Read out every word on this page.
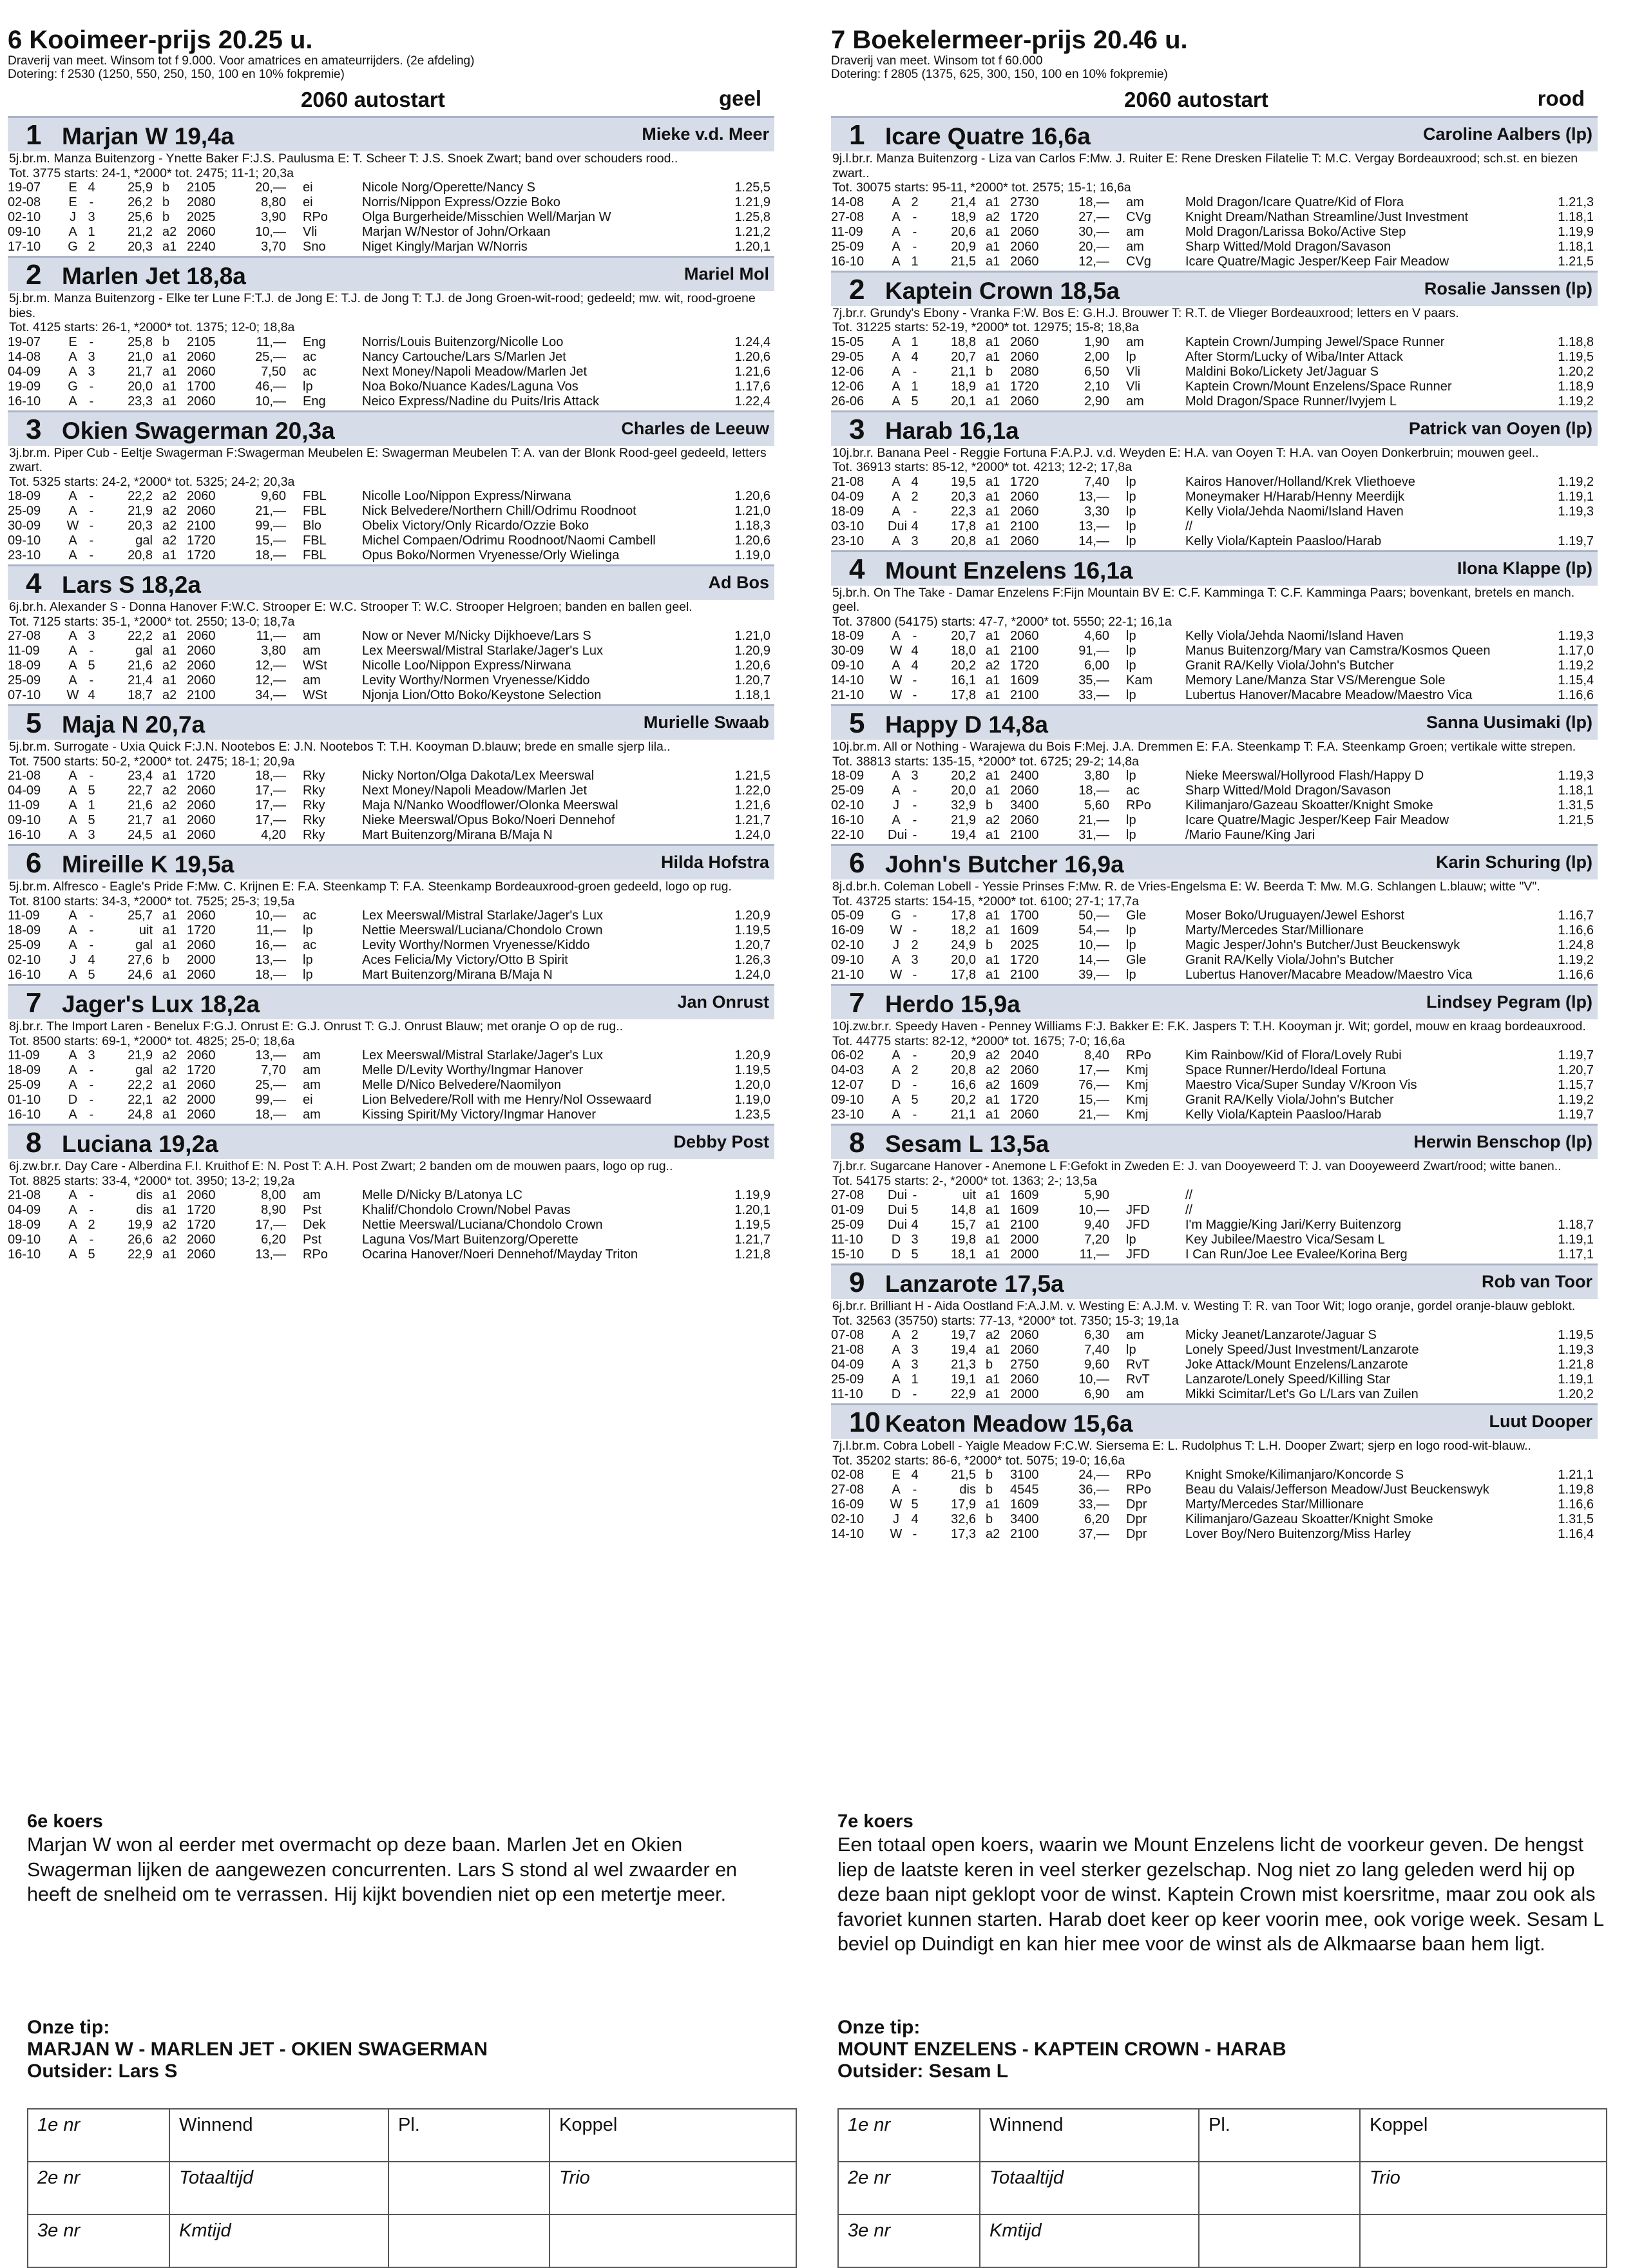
6 Kooimeer-prijs 20.25 u.
Draverij van meet. Winsom tot f 9.000. Voor amatrices en amateurrijders. (2e afdeling)
Dotering: f 2530 (1250, 550, 250, 150, 100 en 10% fokpremie)
2060 autostart	geel
1 Marjan W 19,4a	Mieke v.d. Meer
5j.br.m. Manza Buitenzorg - Ynette Baker F:J.S. Paulusma E: T. Scheer T: J.S. Snoek Zwart; band over schouders rood..
Tot. 3775 starts: 24-1, *2000* tot. 2475; 11-1; 20,3a
19-07	E 4	25,9 b 2105	20,— ei	Nicole Norg/Operette/Nancy S	1.25,5
02-08	E -	26,2 b 2080	8,80 ei	Norris/Nippon Express/Ozzie Boko	1.21,9
02-10	J 3	25,6 b 2025	3,90 RPo	Olga Burgerheide/Misschien Well/Marjan W	1.25,8
09-10	A 1	21,2 a2 2060	10,— Vli	Marjan W/Nestor of John/Orkaan	1.21,2
17-10 G 2	20,3 a1 2240	3,70 Sno	Niget Kingly/Marjan W/Norris	1.20,1
2 Marlen Jet 18,8a	Mariel Mol
5j.br.m. Manza Buitenzorg - Elke ter Lune F:T.J. de Jong E: T.J. de Jong T: T.J. de Jong Groen-wit-rood; gedeeld; mw. wit, rood-groene bies.
Tot. 4125 starts: 26-1, *2000* tot. 1375; 12-0; 18,8a
19-07	E -	25,8 b 2105	11,— Eng	Norris/Louis Buitenzorg/Nicolle Loo	1.24,4
14-08	A 3	21,0 a1 2060	25,— ac	Nancy Cartouche/Lars S/Marlen Jet	1.20,6
04-09	A 3	21,7 a1 2060	7,50 ac	Next Money/Napoli Meadow/Marlen Jet	1.21,6
19-09 G -	20,0 a1 1700	46,— lp	Noa Boko/Nuance Kades/Laguna Vos	1.17,6
16-10	A -	23,3 a1 2060	10,— Eng	Neico Express/Nadine du Puits/Iris Attack	1.22,4
3 Okien Swagerman 20,3a	Charles de Leeuw
3j.br.m. Piper Cub - Eeltje Swagerman F:Swagerman Meubelen E: Swagerman Meubelen T: A. van der Blonk Rood-geel gedeeld, letters zwart.
Tot. 5325 starts: 24-2, *2000* tot. 5325; 24-2; 20,3a
18-09	A -	22,2 a2 2060	9,60 FBL	Nicolle Loo/Nippon Express/Nirwana	1.20,6
25-09	A -	21,9 a2 2060	21,— FBL	Nick Belvedere/Northern Chill/Odrimu Roodnoot	1.21,0
30-09 W -	20,3 a2 2100	99,— Blo	Obelix Victory/Only Ricardo/Ozzie Boko	1.18,3
09-10	A -	gal a2 1720	15,— FBL	Michel Compaen/Odrimu Roodnoot/Naomi Cambell	1.20,6
23-10	A -	20,8 a1 1720	18,— FBL	Opus Boko/Normen Vryenesse/Orly Wielinga	1.19,0
4 Lars S 18,2a	Ad Bos
6j.br.h. Alexander S - Donna Hanover F:W.C. Strooper E: W.C. Strooper T: W.C. Strooper Helgroen; banden en ballen geel.
Tot. 7125 starts: 35-1, *2000* tot. 2550; 13-0; 18,7a
27-08	A 3	22,2 a1 2060	11,— am	Now or Never M/Nicky Dijkhoeve/Lars S	1.21,0
11-09	A -	gal a1 2060	3,80 am	Lex Meerswal/Mistral Starlake/Jager's Lux	1.20,9
18-09	A 5	21,6 a2 2060	12,— WSt	Nicolle Loo/Nippon Express/Nirwana	1.20,6
25-09	A -	21,4 a1 2060	12,— am	Levity Worthy/Normen Vryenesse/Kiddo	1.20,7
07-10 W 4	18,7 a2 2100	34,— WSt	Njonja Lion/Otto Boko/Keystone Selection	1.18,1
5 Maja N 20,7a	Murielle Swaab
5j.br.m. Surrogate - Uxia Quick F:J.N. Nootebos E: J.N. Nootebos T: T.H. Kooyman D.blauw; brede en smalle sjerp lila..
Tot. 7500 starts: 50-2, *2000* tot. 2475; 18-1; 20,9a
21-08	A -	23,4 a1 1720	18,— Rky	Nicky Norton/Olga Dakota/Lex Meerswal	1.21,5
04-09	A 5	22,7 a2 2060	17,— Rky	Next Money/Napoli Meadow/Marlen Jet	1.22,0
11-09	A 1	21,6 a2 2060	17,— Rky	Maja N/Nanko Woodflower/Olonka Meerswal	1.21,6
09-10	A 5	21,7 a1 2060	17,— Rky	Nieke Meerswal/Opus Boko/Noeri Dennehof	1.21,7
16-10	A 3	24,5 a1 2060	4,20 Rky	Mart Buitenzorg/Mirana B/Maja N	1.24,0
6 Mireille K 19,5a	Hilda Hofstra
5j.br.m. Alfresco - Eagle's Pride F:Mw. C. Krijnen E: F.A. Steenkamp T: F.A. Steenkamp Bordeauxrood-groen gedeeld, logo op rug.
Tot. 8100 starts: 34-3, *2000* tot. 7525; 25-3; 19,5a
11-09	A -	25,7 a1 2060	10,— ac	Lex Meerswal/Mistral Starlake/Jager's Lux	1.20,9
18-09	A -	uit a1 1720	11,— lp	Nettie Meerswal/Luciana/Chondolo Crown	1.19,5
25-09	A -	gal a1 2060	16,— ac	Levity Worthy/Normen Vryenesse/Kiddo	1.20,7
02-10	J 4	27,6 b 2000	13,— lp	Aces Felicia/My Victory/Otto B Spirit	1.26,3
16-10	A 5	24,6 a1 2060	18,— lp	Mart Buitenzorg/Mirana B/Maja N	1.24,0
7 Jager's Lux 18,2a	Jan Onrust
8j.br.r. The Import Laren - Benelux F:G.J. Onrust E: G.J. Onrust T: G.J. Onrust Blauw; met oranje O op de rug..
Tot. 8500 starts: 69-1, *2000* tot. 4825; 25-0; 18,6a
11-09	A 3	21,9 a2 2060	13,— am	Lex Meerswal/Mistral Starlake/Jager's Lux	1.20,9
18-09	A -	gal a2 1720	7,70 am	Melle D/Levity Worthy/Ingmar Hanover	1.19,5
25-09	A -	22,2 a1 2060	25,— am	Melle D/Nico Belvedere/Naomilyon	1.20,0
01-10 D -	22,1 a2 2000	99,— ei	Lion Belvedere/Roll with me Henry/Nol Ossewaard	1.19,0
16-10	A -	24,8 a1 2060	18,— am	Kissing Spirit/My Victory/Ingmar Hanover	1.23,5
8 Luciana 19,2a	Debby Post
6j.zw.br.r. Day Care - Alberdina F.I. Kruithof E: N. Post T: A.H. Post Zwart; 2 banden om de mouwen paars, logo op rug..
Tot. 8825 starts: 33-4, *2000* tot. 3950; 13-2; 19,2a
21-08	A -	dis a1 2060	8,00 am	Melle D/Nicky B/Latonya LC	1.19,9
04-09	A -	dis a1 1720	8,90 Pst	Khalif/Chondolo Crown/Nobel Pavas	1.20,1
18-09	A 2	19,9 a2 1720	17,— Dek	Nettie Meerswal/Luciana/Chondolo Crown	1.19,5
09-10	A -	26,6 a2 2060	6,20 Pst	Laguna Vos/Mart Buitenzorg/Operette	1.21,7
16-10	A 5	22,9 a1 2060	13,— RPo	Ocarina Hanover/Noeri Dennehof/Mayday Triton	1.21,8
7 Boekelermeer-prijs 20.46 u.
Draverij van meet. Winsom tot f 60.000
Dotering: f 2805 (1375, 625, 300, 150, 100 en 10% fokpremie)
2060 autostart	rood
1 Icare Quatre 16,6a	Caroline Aalbers (lp)
9j.l.br.r. Manza Buitenzorg - Liza van Carlos F:Mw. J. Ruiter E: Rene Dresken Filatelie T: M.C. Vergay Bordeauxrood; sch.st. en biezen zwart..
Tot. 30075 starts: 95-11, *2000* tot. 2575; 15-1; 16,6a
14-08	A 2	21,4 a1 2730	18,— am	Mold Dragon/Icare Quatre/Kid of Flora	1.21,3
27-08	A -	18,9 a2 1720	27,— CVg	Knight Dream/Nathan Streamline/Just Investment	1.18,1
11-09	A -	20,6 a1 2060	30,— am	Mold Dragon/Larissa Boko/Active Step	1.19,9
25-09	A -	20,9 a1 2060	20,— am	Sharp Witted/Mold Dragon/Savason	1.18,1
16-10	A 1	21,5 a1 2060	12,— CVg	Icare Quatre/Magic Jesper/Keep Fair Meadow	1.21,5
2 Kaptein Crown 18,5a	Rosalie Janssen (lp)
7j.br.r. Grundy's Ebony - Vranka F:W. Bos E: G.H.J. Brouwer T: R.T. de Vlieger Bordeauxrood; letters en V paars.
Tot. 31225 starts: 52-19, *2000* tot. 12975; 15-8; 18,8a
15-05	A 1	18,8 a1 2060	1,90 am	Kaptein Crown/Jumping Jewel/Space Runner	1.18,8
29-05	A 4	20,7 a1 2060	2,00 lp	After Storm/Lucky of Wiba/Inter Attack	1.19,5
12-06	A -	21,1 b 2080	6,50 Vli	Maldini Boko/Lickety Jet/Jaguar S	1.20,2
12-06	A 1	18,9 a1 1720	2,10 Vli	Kaptein Crown/Mount Enzelens/Space Runner	1.18,9
26-06	A 5	20,1 a1 2060	2,90 am	Mold Dragon/Space Runner/Ivyjem L	1.19,2
3 Harab 16,1a	Patrick van Ooyen (lp)
10j.br.r. Banana Peel - Reggie Fortuna F:A.P.J. v.d. Weyden E: H.A. van Ooyen T: H.A. van Ooyen Donkerbruin; mouwen geel..
Tot. 36913 starts: 85-12, *2000* tot. 4213; 12-2; 17,8a
21-08	A 4	19,5 a1 1720	7,40 lp	Kairos Hanover/Holland/Krek Vliethoeve	1.19,2
04-09	A 2	20,3 a1 2060	13,— lp	Moneymaker H/Harab/Henny Meerdijk	1.19,1
18-09	A -	22,3 a1 2060	3,30 lp	Kelly Viola/Jehda Naomi/Island Haven	1.19,3
03-10 Dui 4	17,8 a1 2100	13,— lp	//
23-10	A 3	20,8 a1 2060	14,— lp	Kelly Viola/Kaptein Paasloo/Harab	1.19,7
4 Mount Enzelens 16,1a	Ilona Klappe (lp)
5j.br.h. On The Take - Damar Enzelens F:Fijn Mountain BV E: C.F. Kamminga T: C.F. Kamminga Paars; bovenkant, bretels en manch. geel.
Tot. 37800 (54175) starts: 47-7, *2000* tot. 5550; 22-1; 16,1a
18-09	A -	20,7 a1 2060	4,60 lp	Kelly Viola/Jehda Naomi/Island Haven	1.19,3
30-09 W 4	18,0 a1 2100	91,— lp	Manus Buitenzorg/Mary van Camstra/Kosmos Queen	1.17,0
09-10	A 4	20,2 a2 1720	6,00 lp	Granit RA/Kelly Viola/John's Butcher	1.19,2
14-10 W -	16,1 a1 1609	35,— Kam	Memory Lane/Manza Star VS/Merengue Sole	1.15,4
21-10 W -	17,8 a1 2100	33,— lp	Lubertus Hanover/Macabre Meadow/Maestro Vica	1.16,6
5 Happy D 14,8a	Sanna Uusimaki (lp)
10j.br.m. All or Nothing - Warajewa du Bois F:Mej. J.A. Dremmen E: F.A. Steenkamp T: F.A. Steenkamp Groen; vertikale witte strepen.
Tot. 38813 starts: 135-15, *2000* tot. 6725; 29-2; 14,8a
18-09	A 3	20,2 a1 2400	3,80 lp	Nieke Meerswal/Hollyrood Flash/Happy D	1.19,3
25-09	A -	20,0 a1 2060	18,— ac	Sharp Witted/Mold Dragon/Savason	1.18,1
02-10	J	-	32,9 b 3400	5,60 RPo	Kilimanjaro/Gazeau Skoatter/Knight Smoke	1.31,5
16-10	A -	21,9 a2 2060	21,— lp	Icare Quatre/Magic Jesper/Keep Fair Meadow	1.21,5
22-10 Dui -	19,4 a1 2100	31,— lp	/Mario Faune/King Jari
6 John's Butcher 16,9a	Karin Schuring (lp)
8j.d.br.h. Coleman Lobell - Yessie Prinses F:Mw. R. de Vries-Engelsma E: W. Beerda T: Mw. M.G. Schlangen L.blauw; witte "V".
Tot. 43725 starts: 154-15, *2000* tot. 6100; 27-1; 17,7a
05-09 G -	17,8 a1 1700	50,— Gle	Moser Boko/Uruguayen/Jewel Eshorst	1.16,7
16-09 W -	18,2 a1 1609	54,— lp	Marty/Mercedes Star/Millionare	1.16,6
02-10	J 2	24,9 b 2025	10,— lp	Magic Jesper/John's Butcher/Just Beuckenswyk	1.24,8
09-10	A 3	20,0 a1 1720	14,— Gle	Granit RA/Kelly Viola/John's Butcher	1.19,2
21-10 W -	17,8 a1 2100	39,— lp	Lubertus Hanover/Macabre Meadow/Maestro Vica	1.16,6
7 Herdo 15,9a	Lindsey Pegram (lp)
10j.zw.br.r. Speedy Haven - Penney Williams F:J. Bakker E: F.K. Jaspers T: T.H. Kooyman jr. Wit; gordel, mouw en kraag bordeauxrood.
Tot. 44775 starts: 82-12, *2000* tot. 1675; 7-0; 16,6a
06-02	A -	20,9 a2 2040	8,40 RPo	Kim Rainbow/Kid of Flora/Lovely Rubi	1.19,7
04-03	A 2	20,8 a2 2060	17,— Kmj	Space Runner/Herdo/Ideal Fortuna	1.20,7
12-07 D -	16,6 a2 1609	76,— Kmj	Maestro Vica/Super Sunday V/Kroon Vis	1.15,7
09-10	A 5	20,2 a1 1720	15,— Kmj	Granit RA/Kelly Viola/John's Butcher	1.19,2
23-10	A -	21,1 a1 2060	21,— Kmj	Kelly Viola/Kaptein Paasloo/Harab	1.19,7
8 Sesam L 13,5a	Herwin Benschop (lp)
7j.br.r. Sugarcane Hanover - Anemone L F:Gefokt in Zweden E: J. van Dooyeweerd T: J. van Dooyeweerd Zwart/rood; witte banen..
Tot. 54175 starts: 2-, *2000* tot. 1363; 2-; 13,5a
27-08 Dui -	uit a1 1609	5,90	//
01-09 Dui 5	14,8 a1 1609	10,— JFD	//
25-09 Dui 4	15,7 a1 2100	9,40 JFD	I'm Maggie/King Jari/Kerry Buitenzorg	1.18,7
11-10 D 3	19,8 a1 2000	7,20 lp	Key Jubilee/Maestro Vica/Sesam L	1.19,1
15-10 D 5	18,1 a1 2000	11,— JFD	I Can Run/Joe Lee Evalee/Korina Berg	1.17,1
9 Lanzarote 17,5a	Rob van Toor
6j.br.r. Brilliant H - Aida Oostland F:A.J.M. v. Westing E: A.J.M. v. Westing T: R. van Toor Wit; logo oranje, gordel oranje-blauw geblokt.
Tot. 32563 (35750) starts: 77-13, *2000* tot. 7350; 15-3; 19,1a
07-08	A 2	19,7 a2 2060	6,30 am	Micky Jeanet/Lanzarote/Jaguar S	1.19,5
21-08	A 3	19,4 a1 2060	7,40 lp	Lonely Speed/Just Investment/Lanzarote	1.19,3
04-09	A 3	21,3 b 2750	9,60 RvT	Joke Attack/Mount Enzelens/Lanzarote	1.21,8
25-09	A 1	19,1 a1 2060	10,— RvT	Lanzarote/Lonely Speed/Killing Star	1.19,1
11-10 D -	22,9 a1 2000	6,90 am	Mikki Scimitar/Let's Go L/Lars van Zuilen	1.20,2
10 Keaton Meadow 15,6a	Luut Dooper
7j.l.br.m. Cobra Lobell - Yaigle Meadow F:C.W. Siersema E: L. Rudolphus T: L.H. Dooper Zwart; sjerp en logo rood-wit-blauw..
Tot. 35202 starts: 86-6, *2000* tot. 5075; 19-0; 16,6a
02-08	E 4	21,5 b 3100	24,— RPo	Knight Smoke/Kilimanjaro/Koncorde S	1.21,1
27-08	A -	dis b 4545	36,— RPo	Beau du Valais/Jefferson Meadow/Just Beuckenswyk	1.19,8
16-09 W 5	17,9 a1 1609	33,— Dpr	Marty/Mercedes Star/Millionare	1.16,6
02-10	J 4	32,6 b 3400	6,20 Dpr	Kilimanjaro/Gazeau Skoatter/Knight Smoke	1.31,5
14-10 W -	17,3 a2 2100	37,— Dpr	Lover Boy/Nero Buitenzorg/Miss Harley	1.16,4
6e koers
Marjan W won al eerder met overmacht op deze baan. Marlen Jet en Okien Swagerman lijken de aangewezen concurrenten. Lars S stond al wel zwaarder en heeft de snelheid om te verrassen. Hij kijkt bovendien niet op een metertje meer.
7e koers
Een totaal open koers, waarin we Mount Enzelens licht de voorkeur geven. De hengst liep de laatste keren in veel sterker gezelschap. Nog niet zo lang geleden werd hij op deze baan nipt geklopt voor de winst. Kaptein Crown mist koersritme, maar zou ook als favoriet kunnen starten. Harab doet keer op keer voorin mee, ook vorige week. Sesam L beviel op Duindigt en kan hier mee voor de winst als de Alkmaarse baan hem ligt.
Onze tip:
MARJAN W - MARLEN JET - OKIEN SWAGERMAN
Outsider: Lars S
Onze tip:
MOUNT ENZELENS - KAPTEIN CROWN - HARAB
Outsider: Sesam L
1e nr	Winnend	Pl.	Koppel
2e nr	Totaaltijd		Trio
3e nr	Kmtijd		
1e nr	Winnend	Pl.	Koppel
2e nr	Totaaltijd		Trio
3e nr	Kmtijd		
